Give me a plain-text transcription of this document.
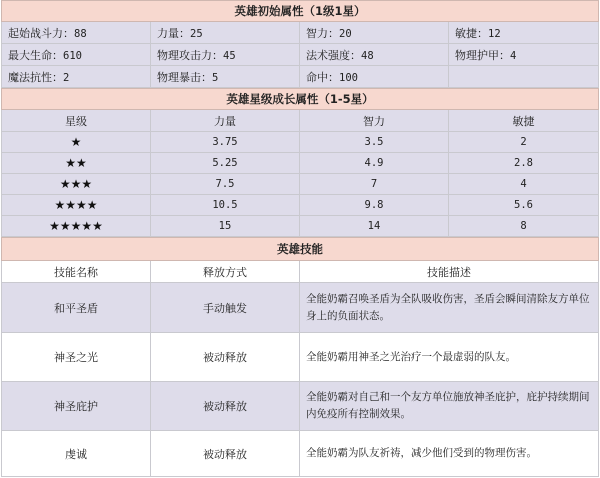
英雄初始属性（1级1星）			
起始战斗力：88	力量：25	智力：20	敏捷：12
最大生命：610	物理攻击力：45	法术强度：48	物理护甲：4
魔法抗性：2	物理暴击：5	命中：100	
英雄星级成长属性（1-5星）			
星级	力量	智力	敏捷
★	3.75	3.5	2
★★	5.25	4.9	2.8
★★★	7.5	7	4
★★★★	10.5	9.8	5.6
★★★★★	15	14	8
英雄技能		
技能名称	释放方式	技能描述
和平圣盾	手动触发	全能奶霸召唤圣盾为全队吸收伤害，圣盾会瞬间清除友方单位身上的负面状态。
神圣之光	被动释放	全能奶霸用神圣之光治疗一个最虚弱的队友。
神圣庇护	被动释放	全能奶霸对自己和一个友方单位施放神圣庇护，庇护持续期间内免疫所有控制效果。
虔诚	被动释放	全能奶霸为队友祈祷，减少他们受到的物理伤害。
